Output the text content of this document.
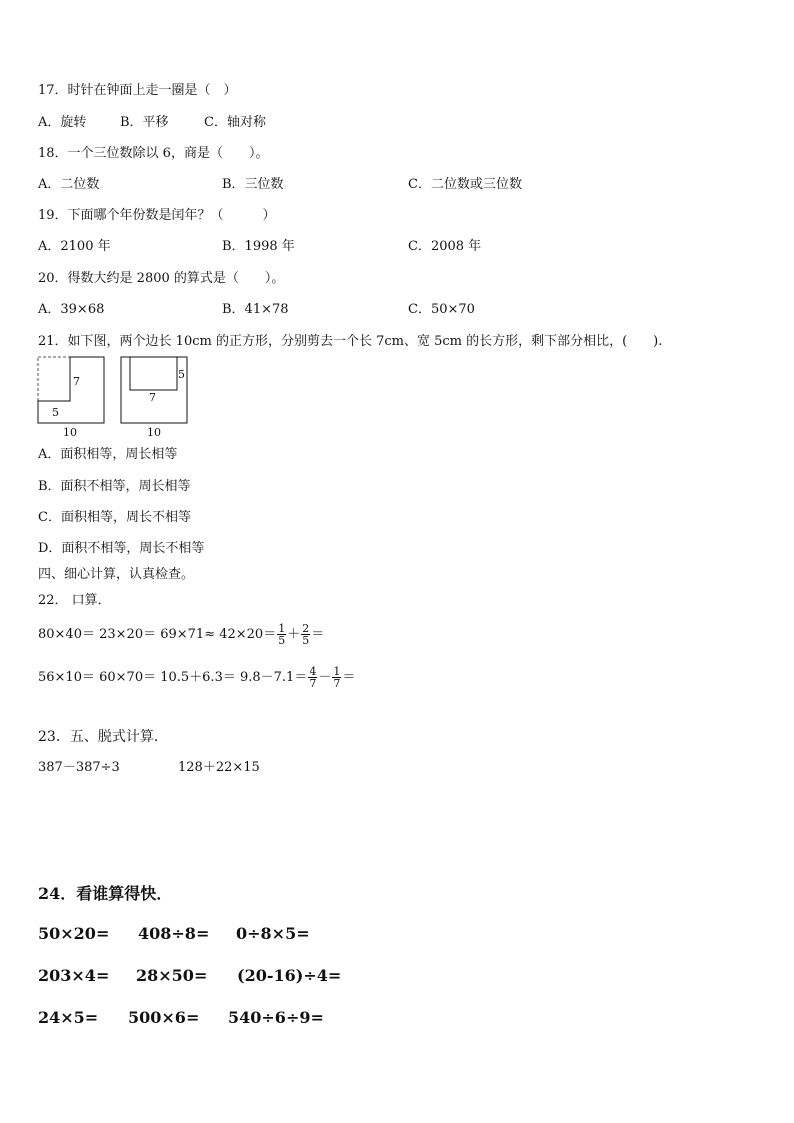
17．时针在钟面上走一圈是（　）
A．旋转	B．平移	C．轴对称
18．一个三位数除以 6，商是（　　）。
A．二位数	B．三位数	C．二位数或三位数
19．下面哪个年份数是闰年？（　　　）
A．2100 年	B．1998 年	C．2008 年
20．得数大约是 2800 的算式是（　　）。
A．39×68	B．41×78	C．50×70
21．如下图，两个边长 10cm 的正方形，分别剪去一个长 7cm、宽 5cm 的长方形，剩下部分相比，(　　).
7
5
10
5
7
10
A．面积相等，周长相等
B．面积不相等，周长相等
C．面积相等，周长不相等
D．面积不相等，周长不相等
四、细心计算，认真检查。
22． 口算．
$80\times 40= 23\times 20= 69\times 71\approx 42\times 20= \frac{1}{5} + \frac{2}{5}$ ＝
$56\times 10= 60\times 70= 10.5+6.3= 9.8-7.1= \frac{4}{7} - \frac{1}{7}$ ＝
23．五、脱式计算．
387－387÷3	128＋22×15
24．看谁算得快．
50×20= 408÷8= 0÷8×5=
203×4= 28×50= (20-16)÷4=
24×5= 500×6= 540÷6÷9=
